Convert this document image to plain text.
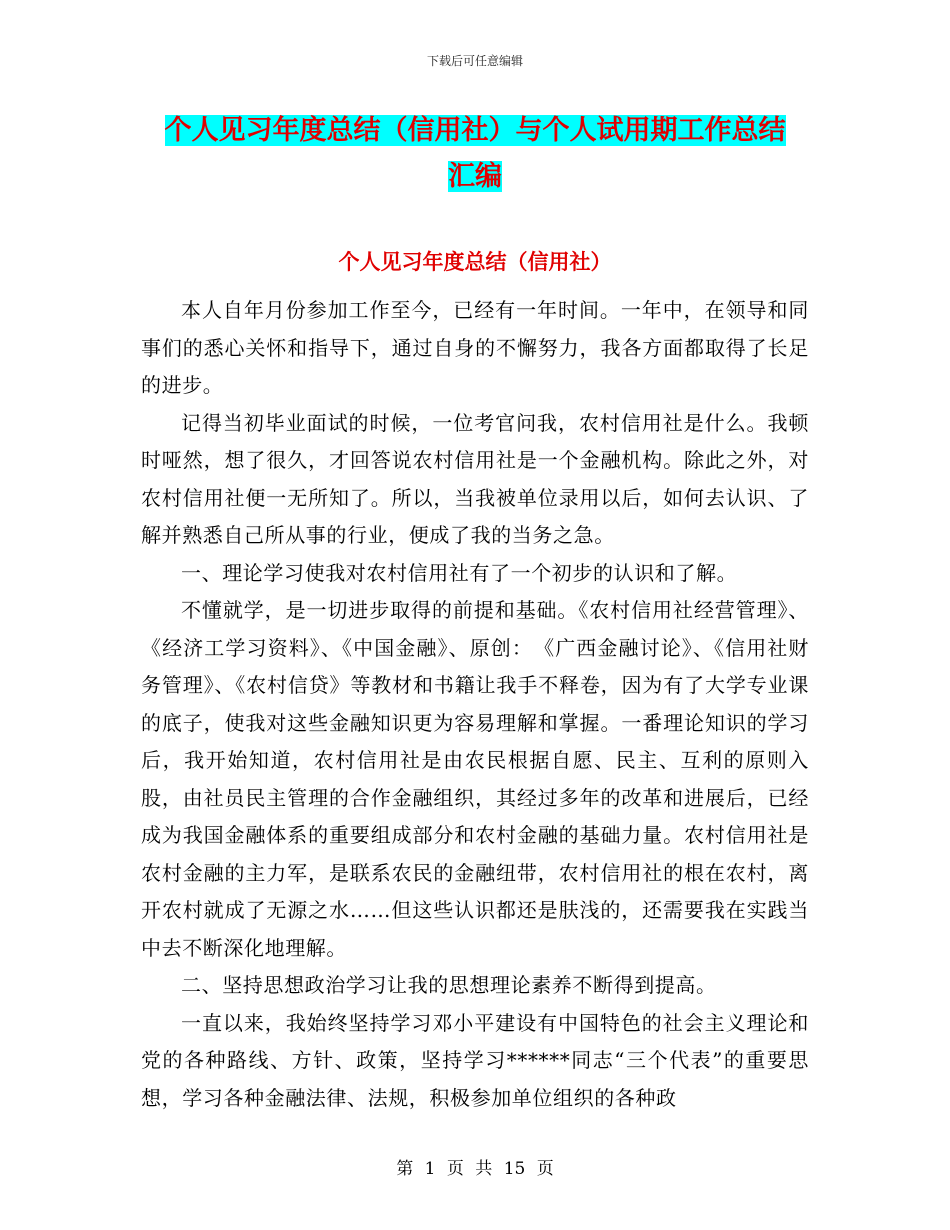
下载后可任意编辑
个人见习年度总结（信用社）与个人试用期工作总结
汇编
个人见习年度总结（信用社）

本人自年月份参加工作至今，已经有一年时间。一年中，在领导和同事们的悉心关怀和指导下，通过自身的不懈努力，我各方面都取得了长足的进步。

记得当初毕业面试的时候，一位考官问我，农村信用社是什么。我顿时哑然，想了很久，才回答说农村信用社是一个金融机构。除此之外，对农村信用社便一无所知了。所以，当我被单位录用以后，如何去认识、了解并熟悉自己所从事的行业，便成了我的当务之急。

一、理论学习使我对农村信用社有了一个初步的认识和了解。

不懂就学，是一切进步取得的前提和基础。《农村信用社经营管理》、《经济工学习资料》、《中国金融》、原创：　《广西金融讨论》、《信用社财务管理》、《农村信贷》等教材和书籍让我手不释卷，因为有了大学专业课的底子，使我对这些金融知识更为容易理解和掌握。一番理论知识的学习后，我开始知道，农村信用社是由农民根据自愿、民主、互利的原则入股，由社员民主管理的合作金融组织，其经过多年的改革和进展后，已经成为我国金融体系的重要组成部分和农村金融的基础力量。农村信用社是农村金融的主力军，是联系农民的金融纽带，农村信用社的根在农村，离开农村就成了无源之水……但这些认识都还是肤浅的，还需要我在实践当中去不断深化地理解。

二、坚持思想政治学习让我的思想理论素养不断得到提高。

一直以来，我始终坚持学习邓小平建设有中国特色的社会主义理论和党的各种路线、方针、政策，坚持学习******同志“三个代表”的重要思想，学习各种金融法律、法规，积极参加单位组织的各种政

第 1 页 共 15 页
